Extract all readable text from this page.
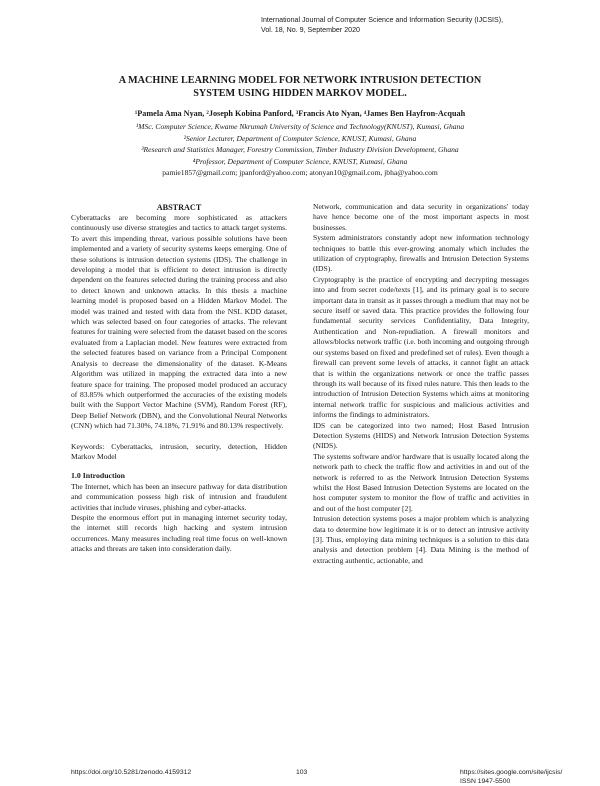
International Journal of Computer Science and Information Security (IJCSIS),
Vol. 18, No. 9, September 2020
A MACHINE LEARNING MODEL FOR NETWORK INTRUSION DETECTION
SYSTEM USING HIDDEN MARKOV MODEL.
¹Pamela Ama Nyan, ²Joseph Kobina Panford, ³Francis Ato Nyan, ⁴James Ben Hayfron-Acquah
¹MSc. Computer Science, Kwame Nkrumah University of Science and Technology(KNUST), Kumasi, Ghana
²Senior Lecturer, Department of Computer Science, KNUST, Kumasi, Ghana
³Research and Statistics Manager, Forestry Commission, Timber Industry Division Development, Ghana
⁴Professor, Department of Computer Science, KNUST, Kumasi, Ghana
pamie1857@gmail.com; jpanford@yahoo.com; atonyan10@gmail.com, jbha@yahoo.com
ABSTRACT

Cyberattacks are becoming more sophisticated as attackers continuously use diverse strategies and tactics to attack target systems. To avert this impending threat, various possible solutions have been implemented and a variety of security systems keeps emerging. One of these solutions is intrusion detection systems (IDS). The challenge in developing a model that is efficient to detect intrusion is directly dependent on the features selected during the training process and also to detect known and unknown attacks. In this thesis a machine learning model is proposed based on a Hidden Markov Model. The model was trained and tested with data from the NSL KDD dataset, which was selected based on four categories of attacks. The relevant features for training were selected from the dataset based on the scores evaluated from a Laplacian model. New features were extracted from the selected features based on variance from a Principal Component Analysis to decrease the dimensionality of the dataset. K-Means Algorithm was utilized in mapping the extracted data into a new feature space for training. The proposed model produced an accuracy of 83.85% which outperformed the accuracies of the existing models built with the Support Vector Machine (SVM), Random Forest (RF), Deep Belief Network (DBN), and the Convolutional Neural Networks (CNN) which had 71.30%, 74.18%, 71.91% and 80.13% respectively.

Keywords: Cyberattacks, intrusion, security, detection, Hidden Markov Model

1.0 Introduction

The Internet, which has been an insecure pathway for data distribution and communication possess high risk of intrusion and fraudulent activities that include viruses, phishing and cyber-attacks.

Despite the enormous effort put in managing internet security today, the internet still records high hacking and system intrusion occurrences. Many measures including real time focus on well-known attacks and threats are taken into consideration daily.

Network, communication and data security in organizations' today have hence become one of the most important aspects in most businesses.

System administrators constantly adopt new information technology techniques to battle this ever-growing anomaly which includes the utilization of cryptography, firewalls and Intrusion Detection Systems (IDS).

Cryptography is the practice of encrypting and decrypting messages into and from secret code/texts [1], and its primary goal is to secure important data in transit as it passes through a medium that may not be secure itself or saved data. This practice provides the following four fundamental security services Confidentiality, Data Integrity, Authentication and Non-repudiation. A firewall monitors and allows/blocks network traffic (i.e. both incoming and outgoing through our systems based on fixed and predefined set of rules). Even though a firewall can prevent some levels of attacks, it cannot fight an attack that is within the organizations network or once the traffic passes through its wall because of its fixed rules nature. This then leads to the introduction of Intrusion Detection Systems which aims at monitoring internal network traffic for suspicious and malicious activities and informs the findings to administrators.

IDS can be categorized into two named; Host Based Intrusion Detection Systems (HIDS) and Network Intrusion Detection Systems (NIDS).

The systems software and/or hardware that is usually located along the network path to check the traffic flow and activities in and out of the network is referred to as the Network Intrusion Detection Systems whilst the Host Based Intrusion Detection Systems are located on the host computer system to monitor the flow of traffic and activities in and out of the host computer [2].

Intrusion detection systems poses a major problem which is analyzing data to determine how legitimate it is or to detect an intrusive activity [3]. Thus, employing data mining techniques is a solution to this data analysis and detection problem [4]. Data Mining is the method of extracting authentic, actionable, and

https://doi.org/10.5281/zenodo.4159312	103	https://sites.google.com/site/ijcsis/
ISSN 1947-5500
